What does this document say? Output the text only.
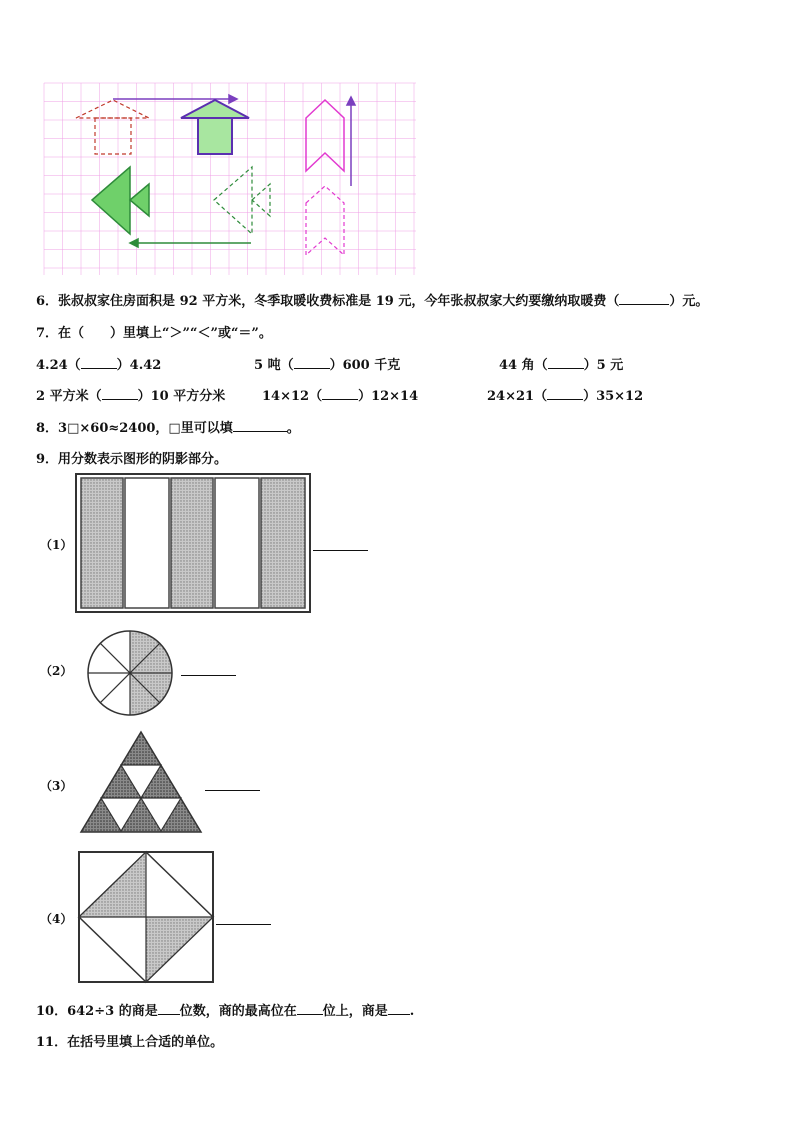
6．张叔叔家住房面积是 92 平方米，冬季取暖收费标准是 19 元，今年张叔叔家大约要缴纳取暖费（	）元。
7．在（　　）里填上“＞”“＜”或“＝”。
4.24（	）4.42	5 吨（	）600 千克	44 角（	）5 元
2 平方米（	）10 平方分米	14×12（	）12×14	24×21（	）35×12
8．3□×60≈2400，□里可以填	。
9．用分数表示图形的阴影部分。
（1）
（2）
（3）
（4）
10．642÷3 的商是 位数，商的最高位在 位上，商是 .
11．在括号里填上合适的单位。
